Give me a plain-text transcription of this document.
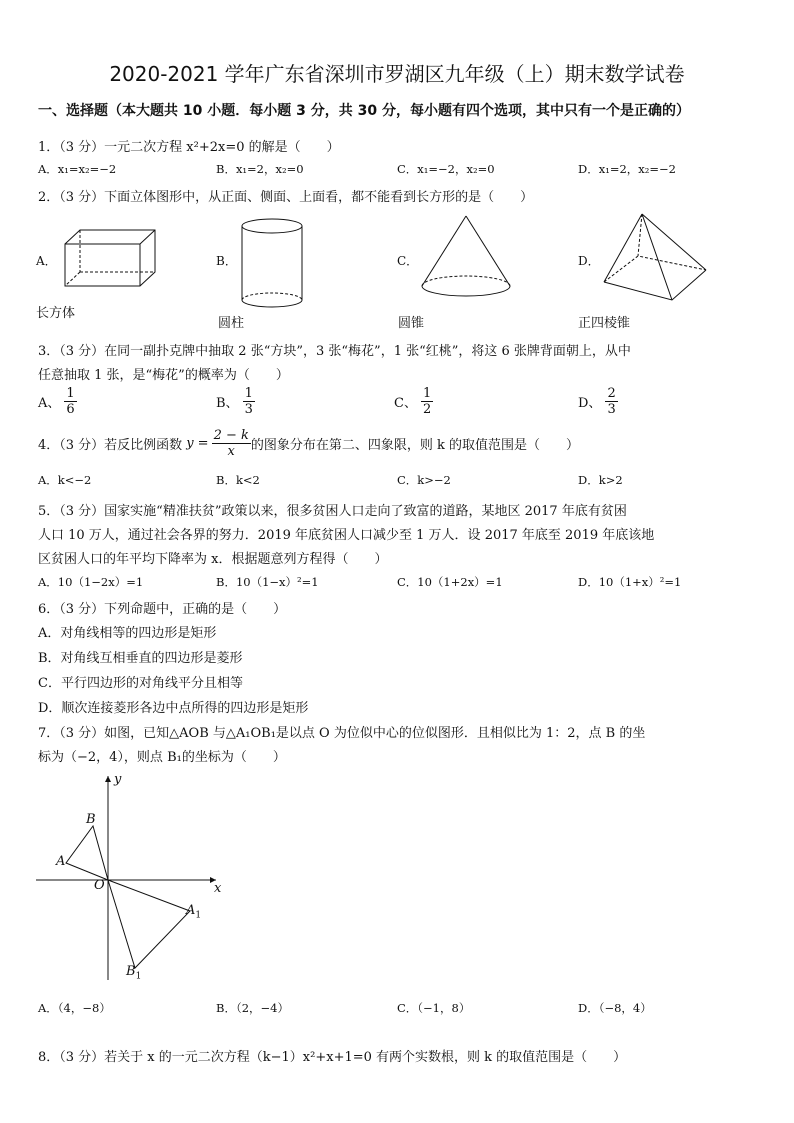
2020-2021 学年广东省深圳市罗湖区九年级（上）期末数学试卷
一、选择题（本大题共 10 小题．每小题 3 分，共 30 分，每小题有四个选项，其中只有一个是正确的）
1．（3 分）一元二次方程 x²+2x=0 的解是（　　）
A．x₁=x₂=−2	B．x₁=2，x₂=0	C．x₁=−2，x₂=0	D．x₁=2，x₂=−2
2．（3 分）下面立体图形中，从正面、侧面、上面看，都不能看到长方形的是（　　）
A．
长方体
B．
圆柱
C．
圆锥
D．
正四棱锥
3．（3 分）在同一副扑克牌中抽取 2 张“方块”，3 张“梅花”，1 张“红桃”，将这 6 张牌背面朝上，从中
任意抽取 1 张，是“梅花”的概率为（　　）
A、 $\frac{1}{6}$	B、 $\frac{1}{3}$	C、 $\frac{1}{2}$	D、 $\frac{2}{3}$
4．（3 分）若反比例函数 $y = \frac{2 - k}{x}$ 的图象分布在第二、四象限，则 k 的取值范围是（　　）
A．k<−2	B．k<2	C．k>−2	D．k>2
5．（3 分）国家实施“精准扶贫”政策以来，很多贫困人口走向了致富的道路，某地区 2017 年底有贫困
人口 10 万人，通过社会各界的努力．2019 年底贫困人口减少至 1 万人．设 2017 年底至 2019 年底该地
区贫困人口的年平均下降率为 x．根据题意列方程得（　　）
A．10（1−2x）=1	B．10（1−x）²=1	C．10（1+2x）=1	D．10（1+x）²=1
6．（3 分）下列命题中，正确的是（　　）
A．对角线相等的四边形是矩形
B．对角线互相垂直的四边形是菱形
C．平行四边形的对角线平分且相等
D．顺次连接菱形各边中点所得的四边形是矩形
7．（3 分）如图，已知△AOB 与△A₁OB₁是以点 O 为位似中心的位似图形．且相似比为 1：2，点 B 的坐
标为（−2，4），则点 B₁的坐标为（　　）
y
x
O
B
A
$A_1$
$B_1$
A．（4，−8）	B．（2，−4）	C．（−1，8）	D．（−8，4）
8．（3 分）若关于 x 的一元二次方程（k−1）x²+x+1=0 有两个实数根，则 k 的取值范围是（　　）
